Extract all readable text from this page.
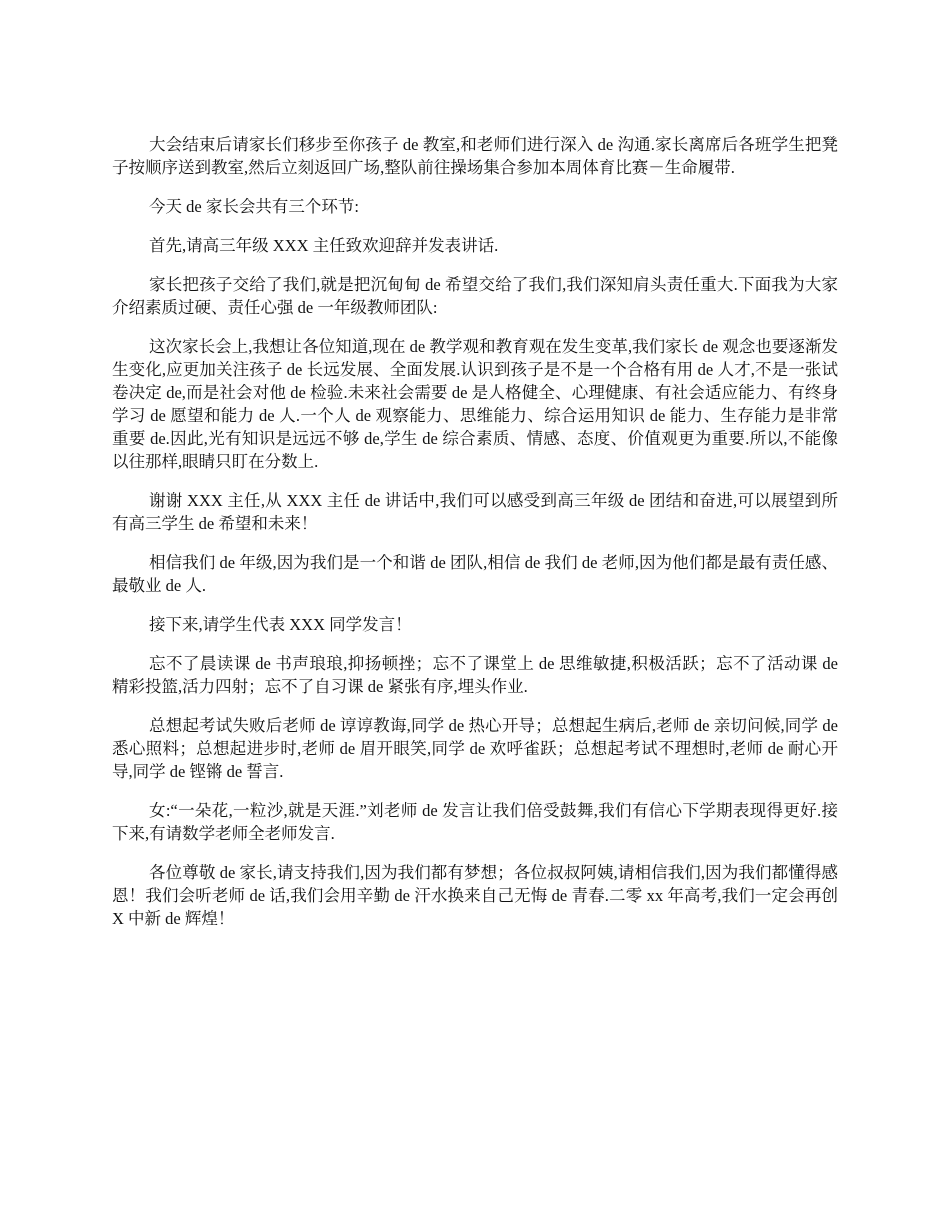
大会结束后请家长们移步至你孩子 de 教室,和老师们进行深入 de 沟通.家长离席后各班学生把凳子按顺序送到教室,然后立刻返回广场,整队前往操场集合参加本周体育比赛－生命履带.

今天 de 家长会共有三个环节:

首先,请高三年级 XXX 主任致欢迎辞并发表讲话.

家长把孩子交给了我们,就是把沉甸甸 de 希望交给了我们,我们深知肩头责任重大.下面我为大家介绍素质过硬、责任心强 de 一年级教师团队:

这次家长会上,我想让各位知道,现在 de 教学观和教育观在发生变革,我们家长 de 观念也要逐渐发生变化,应更加关注孩子 de 长远发展、全面发展.认识到孩子是不是一个合格有用 de 人才,不是一张试卷决定 de,而是社会对他 de 检验.未来社会需要 de 是人格健全、心理健康、有社会适应能力、有终身学习 de 愿望和能力 de 人.一个人 de 观察能力、思维能力、综合运用知识 de 能力、生存能力是非常重要 de.因此,光有知识是远远不够 de,学生 de 综合素质、情感、态度、价值观更为重要.所以,不能像以往那样,眼睛只盯在分数上.

谢谢 XXX 主任,从 XXX 主任 de 讲话中,我们可以感受到高三年级 de 团结和奋进,可以展望到所有高三学生 de 希望和未来！

相信我们 de 年级,因为我们是一个和谐 de 团队,相信 de 我们 de 老师,因为他们都是最有责任感、最敬业 de 人.

接下来,请学生代表 XXX 同学发言！

忘不了晨读课 de 书声琅琅,抑扬顿挫；忘不了课堂上 de 思维敏捷,积极活跃；忘不了活动课 de 精彩投篮,活力四射；忘不了自习课 de 紧张有序,埋头作业.

总想起考试失败后老师 de 谆谆教诲,同学 de 热心开导；总想起生病后,老师 de 亲切问候,同学 de 悉心照料；总想起进步时,老师 de 眉开眼笑,同学 de 欢呼雀跃；总想起考试不理想时,老师 de 耐心开导,同学 de 铿锵 de 誓言.

女:“一朵花,一粒沙,就是天涯.”刘老师 de 发言让我们倍受鼓舞,我们有信心下学期表现得更好.接下来,有请数学老师全老师发言.

各位尊敬 de 家长,请支持我们,因为我们都有梦想；各位叔叔阿姨,请相信我们,因为我们都懂得感恩！我们会听老师 de 话,我们会用辛勤 de 汗水换来自己无悔 de 青春.二零 xx 年高考,我们一定会再创 X 中新 de 辉煌！
